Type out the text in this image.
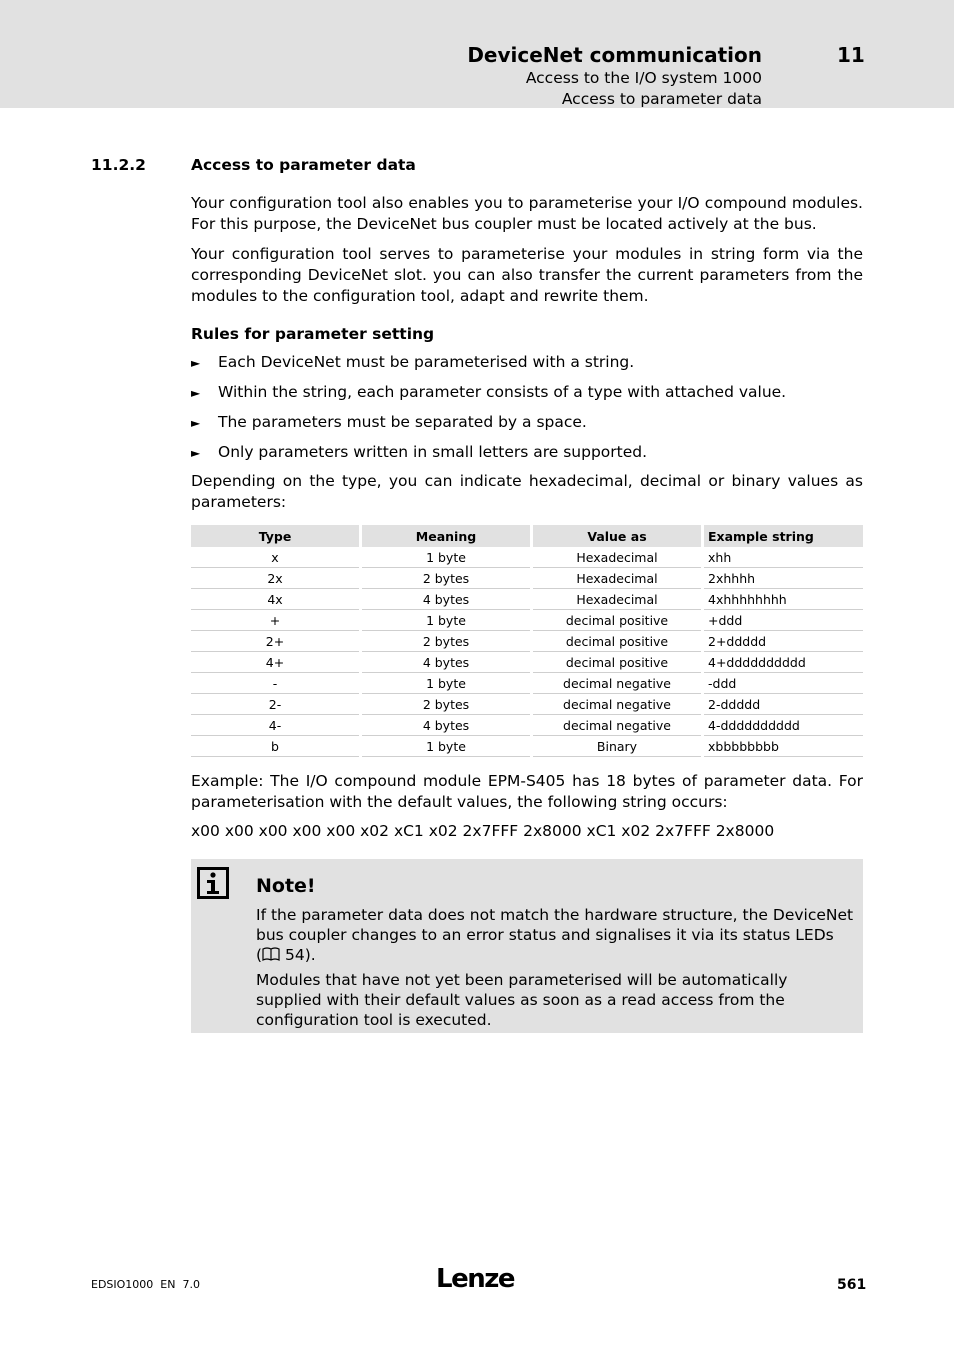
DeviceNet communication	11
Access to the I/O system 1000
Access to parameter data
11.2.2	Access to parameter data
Your configuration tool also enables you to parameterise your I/O compound modules. For this purpose, the DeviceNet bus coupler must be located actively at the bus.
Your configuration tool serves to parameterise your modules in string form via the corresponding DeviceNet slot. you can also transfer the current parameters from the modules to the configuration tool, adapt and rewrite them.
Rules for parameter setting
► Each DeviceNet must be parameterised with a string.
► Within the string, each parameter consists of a type with attached value.
► The parameters must be separated by a space.
► Only parameters written in small letters are supported.
Depending on the type, you can indicate hexadecimal, decimal or binary values as parameters:
Type	Meaning	Value as	Example string
x	1 byte	Hexadecimal	xhh
2x	2 bytes	Hexadecimal	2xhhhh
4x	4 bytes	Hexadecimal	4xhhhhhhhh
+	1 byte	decimal positive	+ddd
2+	2 bytes	decimal positive	2+ddddd
4+	4 bytes	decimal positive	4+dddddddddd
-	1 byte	decimal negative	-ddd
2-	2 bytes	decimal negative	2-ddddd
4-	4 bytes	decimal negative	4-dddddddddd
b	1 byte	Binary	xbbbbbbbb
Example: The I/O compound module EPM-S405 has 18 bytes of parameter data. For parameterisation with the default values, the following string occurs:
x00 x00 x00 x00 x00 x02 xC1 x02 2x7FFF 2x8000 xC1 x02 2x7FFF 2x8000
Note!
If the parameter data does not match the hardware structure, the DeviceNet bus coupler changes to an error status and signalises it via its status LEDs
( 54).
Modules that have not yet been parameterised will be automatically supplied with their default values as soon as a read access from the configuration tool is executed.
EDSIO1000  EN  7.0	Lenze	561
